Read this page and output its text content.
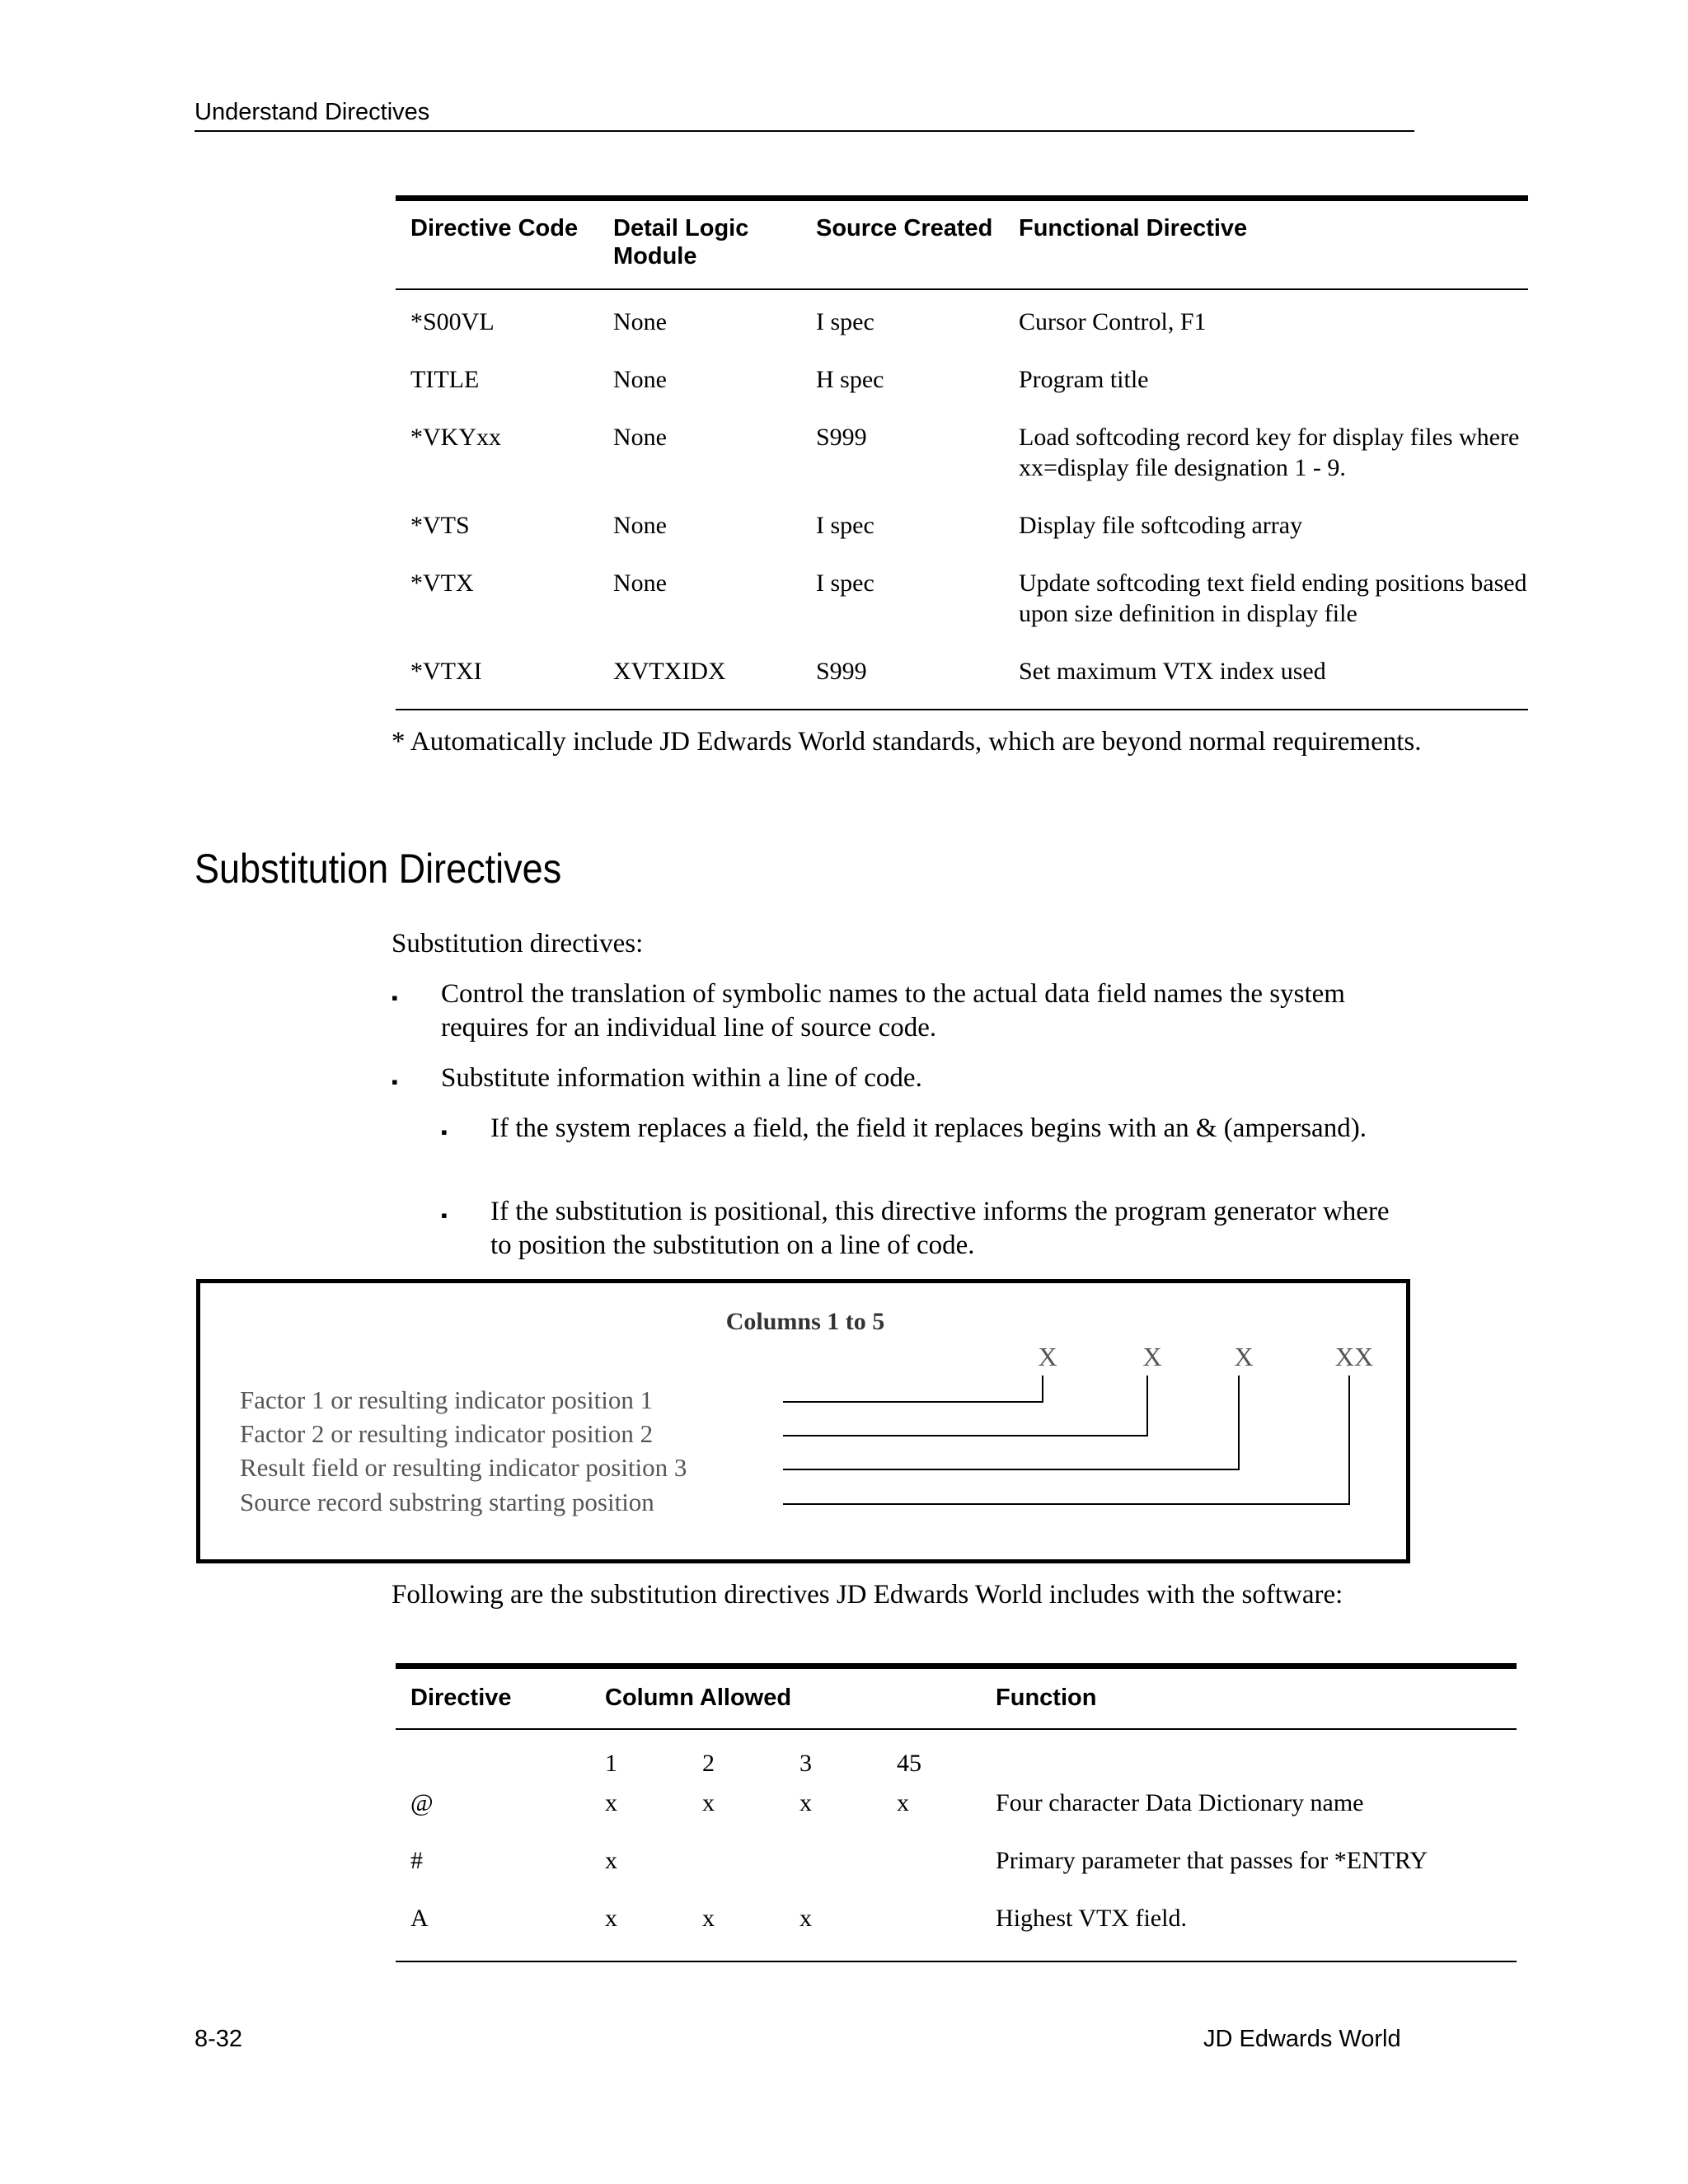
Understand Directives
Directive Code	Detail Logic Module	Source Created	Functional Directive
*S00VL	None	I spec	Cursor Control, F1
TITLE	None	H spec	Program title
*VKYxx	None	S999	Load softcoding record key for display files where xx=display file designation 1 - 9.
*VTS	None	I spec	Display file softcoding array
*VTX	None	I spec	Update softcoding text field ending positions based upon size definition in display file
*VTXI	XVTXIDX	S999	Set maximum VTX index used
* Automatically include JD Edwards World standards, which are beyond normal requirements.
Substitution Directives
Substitution directives:
▪ Control the translation of symbolic names to the actual data field names the system requires for an individual line of source code.
▪ Substitute information within a line of code.
▪ If the system replaces a field, the field it replaces begins with an & (ampersand).
▪ If the substitution is positional, this directive informs the program generator where to position the substitution on a line of code.
Columns 1 to 5
X	X	X	XX
Factor 1 or resulting indicator position 1
Factor 2 or resulting indicator position 2
Result field or resulting indicator position 3
Source record substring starting position
Following are the substitution directives JD Edwards World includes with the software:
Directive	Column Allowed				Function
	1	2	3	45	
@	x	x	x	x	Four character Data Dictionary name
#	x				Primary parameter that passes for *ENTRY
A	x	x	x		Highest VTX field.
8-32	JD Edwards World
